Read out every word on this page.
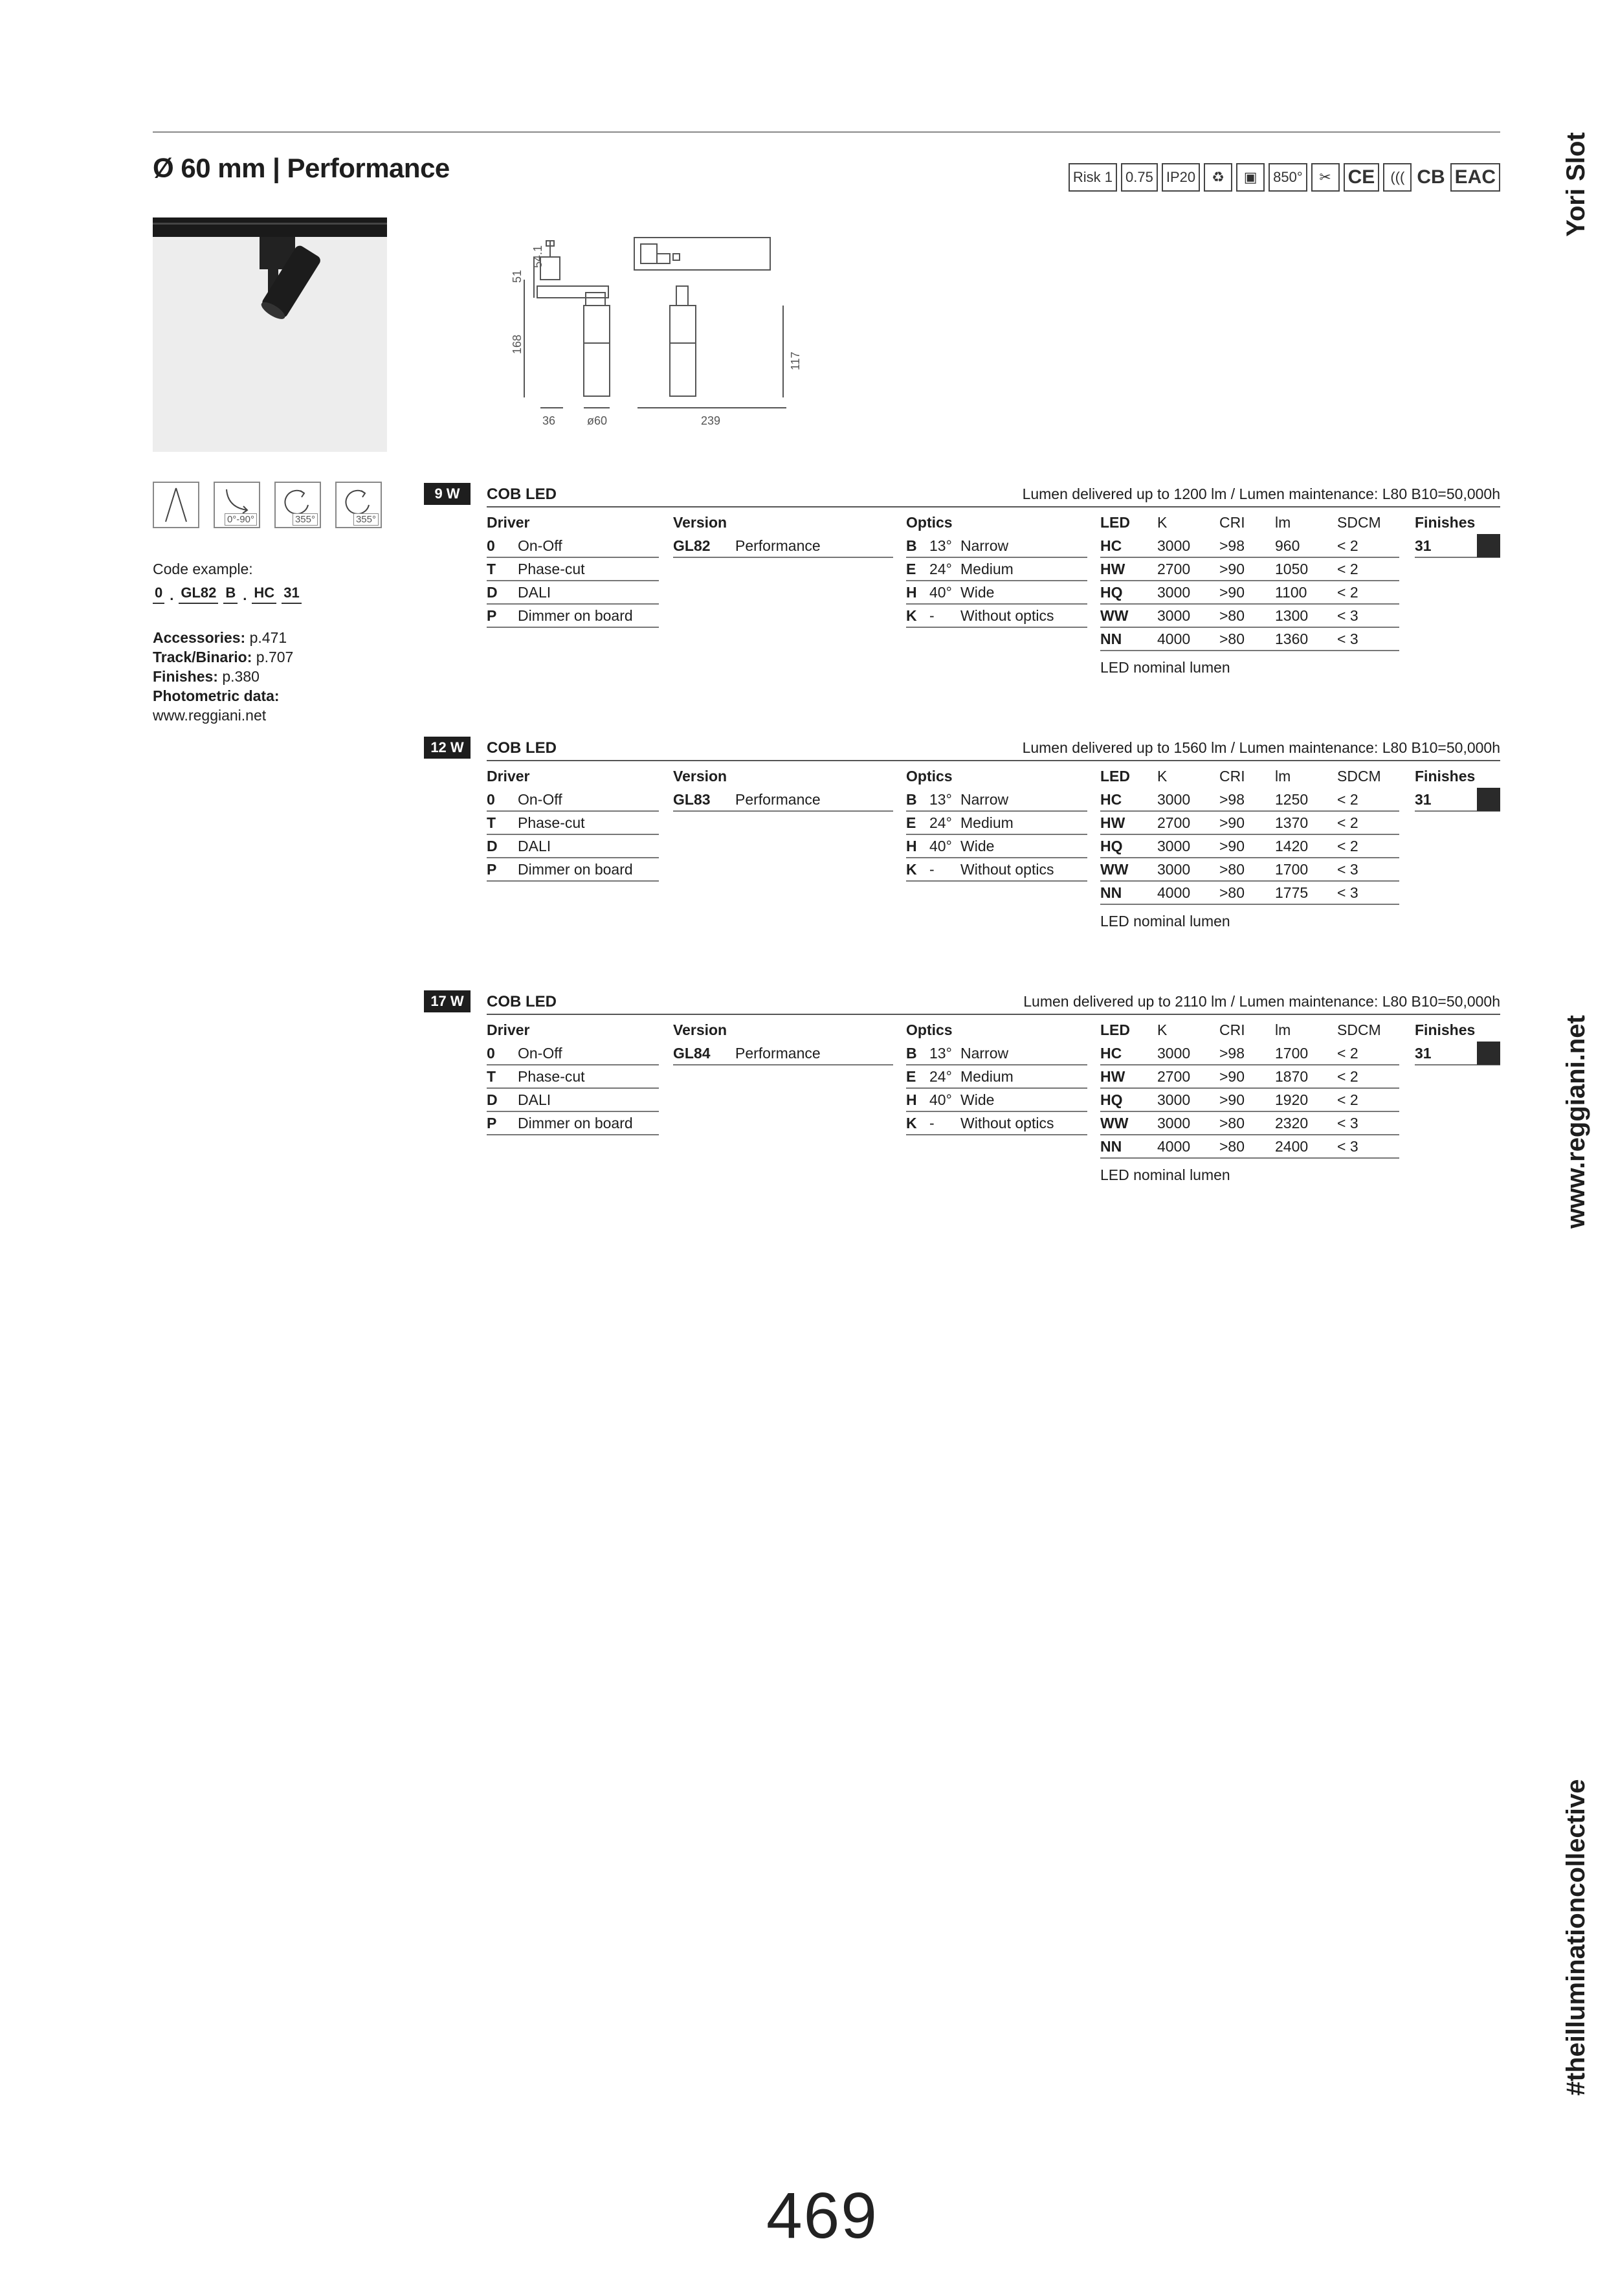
Ø 60 mm | Performance	Risk 1 0.75 IP20	♻	▣	850°	✂ CE	((( CB EAC	Yori Slot
www.reggiani.net
#theilluminationcollective
51
54.1
168
117
36	ø60	239
0°-90°	355°	355°
Code example:
0 . GL82 B . HC 31
Accessories: p.471
Track/Binario: p.707
Finishes: p.380
Photometric data:
www.reggiani.net
9 W	COB LED	Lumen delivered up to 1200 lm / Lumen maintenance: L80 B10=50,000h
Driver
0	On-Off
T	Phase-cut
D	DALI
P	Dimmer on board
Version
GL82	Performance
Optics
B 13° Narrow
E 24° Medium
H 40° Wide
K -	Without optics
LED	K	CRI	lm	SDCM
HC	3000	>98	960	< 2
HW	2700	>90	1050	< 2
HQ	3000	>90	1100	< 2
WW	3000	>80	1300	< 3
NN	4000	>80	1360	< 3
LED nominal lumen
Finishes
31
12 W	COB LED	Lumen delivered up to 1560 lm / Lumen maintenance: L80 B10=50,000h
Driver
0	On-Off
T	Phase-cut
D	DALI
P	Dimmer on board
Version
GL83	Performance
Optics
B 13° Narrow
E 24° Medium
H 40° Wide
K -	Without optics
LED	K	CRI	lm	SDCM
HC	3000	>98	1250	< 2
HW	2700	>90	1370	< 2
HQ	3000	>90	1420	< 2
WW	3000	>80	1700	< 3
NN	4000	>80	1775	< 3
LED nominal lumen
Finishes
31
17 W	COB LED	Lumen delivered up to 2110 lm / Lumen maintenance: L80 B10=50,000h
Driver
0	On-Off
T	Phase-cut
D	DALI
P	Dimmer on board
Version
GL84	Performance
Optics
B 13° Narrow
E 24° Medium
H 40° Wide
K -	Without optics
LED	K	CRI	lm	SDCM
HC	3000	>98	1700	< 2
HW	2700	>90	1870	< 2
HQ	3000	>90	1920	< 2
WW	3000	>80	2320	< 3
NN	4000	>80	2400	< 3
LED nominal lumen
Finishes
31
469
